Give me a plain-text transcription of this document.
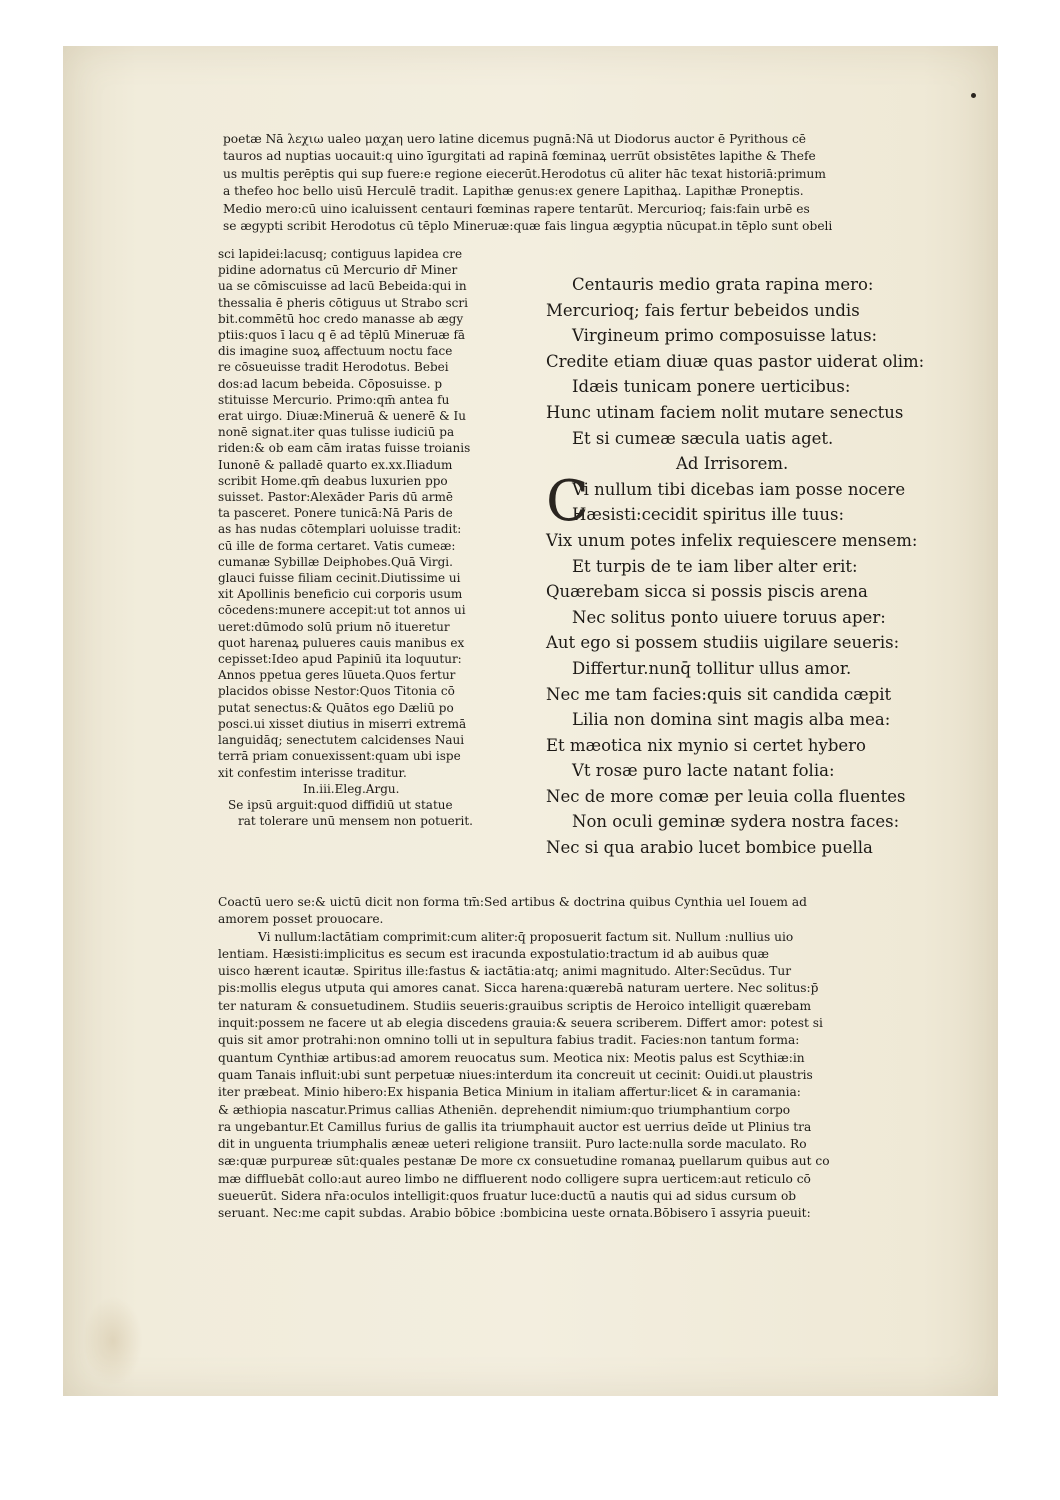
poetæ Nā λεχιω ualeo μαχaη uero latine dicemus pugnā:Nā ut Diodorus auctor ē Pyrithous cē
tauros ad nuptias uocauit:q uino īgurgitati ad rapinā fœminaꝝ uerrūt obsistētes lapithe & Thefe
us multis perēptis qui sup fuere:e regione eiecerūt.Herodotus cū aliter hāc texat historiā:primum
a thefeo hoc bello uisū Herculē tradit. Lapithæ genus:ex genere Lapithaꝝ. Lapithæ Proneptis.
Medio mero:cū uino icaluissent centauri fœminas rapere tentarūt. Mercurioq; fais:fain urbē es
se ægypti scribit Herodotus cū tēplo Mineruæ:quæ fais lingua ægyptia nūcupat.in tēplo sunt obeli
sci lapidei:lacusq; contiguus lapidea cre
pidine adornatus cū Mercurio dr̄ Miner
ua se cōmiscuisse ad lacū Bebeida:qui in
thessalia ē pheris cōtiguus ut Strabo scri
bit.commētū hoc credo manasse ab ægy
ptiis:quos ī lacu q ē ad tēplū Mineruæ fā
dis imagine suoꝝ affectuum noctu face
re cōsueuisse tradit Herodotus. Bebei
dos:ad lacum bebeida. Cōposuisse. p
stituisse Mercurio. Primo:qm̄ antea fu
erat uirgo. Diuæ:Mineruā & uenerē & Iu
nonē signat.iter quas tulisse iudiciū pa
riden:& ob eam cām iratas fuisse troianis
Iunonē & palladē quarto ex.xx.Iliadum
scribit Home.qm̄ deabus luxurien ppo
suisset. Pastor:Alexāder Paris dū armē
ta pasceret. Ponere tunicā:Nā Paris de
as has nudas cōtemplari uoluisse tradit:
cū ille de forma certaret. Vatis cumeæ:
cumanæ Sybillæ Deiphobes.Quā Virgi.
glauci fuisse filiam cecinit.Diutissime ui
xit Apollinis beneficio cui corporis usum
cōcedens:munere accepit:ut tot annos ui
ueret:dūmodo solū prium nō itueretur
quot harenaꝝ pulueres cauis manibus ex
cepisset:Ideo apud Papiniū ita loquutur:
Annos ppetua geres lūueta.Quos fertur
placidos obisse Nestor:Quos Titonia cō
putat senectus:& Quātos ego Dæliū po
posci.ui xisset diutius in miserri extremā
languidāq; senectutem calcidenses Naui
terrā priam conuexissent:quam ubi ispe
xit confestim interisse traditur.
In.iii.Eleg.Argu.
Se ipsū arguit:quod diffidiū ut statue
rat tolerare unū mensem non potuerit.
Centauris medio grata rapina mero:
Mercurioq; fais fertur bebeidos undis
Virgineum primo composuisse latus:
Credite etiam diuæ quas pastor uiderat olim:
Idæis tunicam ponere uerticibus:
Hunc utinam faciem nolit mutare senectus
Et si cumeæ sæcula uatis aget.
Ad Irrisorem.
C
Vi nullum tibi dicebas iam posse nocere
Hæsisti:cecidit spiritus ille tuus:
Vix unum potes infelix requiescere mensem:
Et turpis de te iam liber alter erit:
Quærebam sicca si possis piscis arena
Nec solitus ponto uiuere toruus aper:
Aut ego si possem studiis uigilare seueris:
Differtur.nunq̄ tollitur ullus amor.
Nec me tam facies:quis sit candida cæpit
Lilia non domina sint magis alba mea:
Et mæotica nix mynio si certet hybero
Vt rosæ puro lacte natant folia:
Nec de more comæ per leuia colla fluentes
Non oculi geminæ sydera nostra faces:
Nec si qua arabio lucet bombice puella
Coactū uero se:& uictū dicit non forma tm̄:Sed artibus & doctrina quibus Cynthia uel Iouem ad
amorem posset prouocare.
Vi nullum:lactātiam comprimit:cum aliter:q̄ proposuerit factum sit. Nullum :nullius uio
lentiam. Hæsisti:implicitus es secum est iracunda expostulatio:tractum id ab auibus quæ
uisco hærent icautæ. Spiritus ille:fastus & iactātia:atq; animi magnitudo. Alter:Secūdus. Tur
pis:mollis elegus utputa qui amores canat. Sicca harena:quærebā naturam uertere. Nec solitus:p̄
ter naturam & consuetudinem. Studiis seueris:grauibus scriptis de Heroico intelligit quærebam
inquit:possem ne facere ut ab elegia discedens grauia:& seuera scriberem. Differt amor: potest si
quis sit amor protrahi:non omnino tolli ut in sepultura fabius tradit. Facies:non tantum forma:
quantum Cynthiæ artibus:ad amorem reuocatus sum. Meotica nix: Meotis palus est Scythiæ:in
quam Tanais influit:ubi sunt perpetuæ niues:interdum ita concreuit ut cecinit: Ouidi.ut plaustris
iter præbeat. Minio hibero:Ex hispania Betica Minium in italiam affertur:licet & in caramania:
& æthiopia nascatur.Primus callias Atheniēn. deprehendit nimium:quo triumphantium corpo
ra ungebantur.Et Camillus furius de gallis ita triumphauit auctor est uerrius deīde ut Plinius tra
dit in unguenta triumphalis æneæ ueteri religione transiit. Puro lacte:nulla sorde maculato. Ro
sæ:quæ purpureæ sūt:quales pestanæ De more cx consuetudine romanaꝝ puellarum quibus aut co
mæ diffluebāt collo:aut aureo limbo ne diffluerent nodo colligere supra uerticem:aut reticulo cō
sueuerūt. Sidera nr̄a:oculos intelligit:quos fruatur luce:ductū a nautis qui ad sidus cursum ob
seruant. Nec:me capit subdas. Arabio bōbice :bombicina ueste ornata.Bōbisero ī assyria pueuit:
